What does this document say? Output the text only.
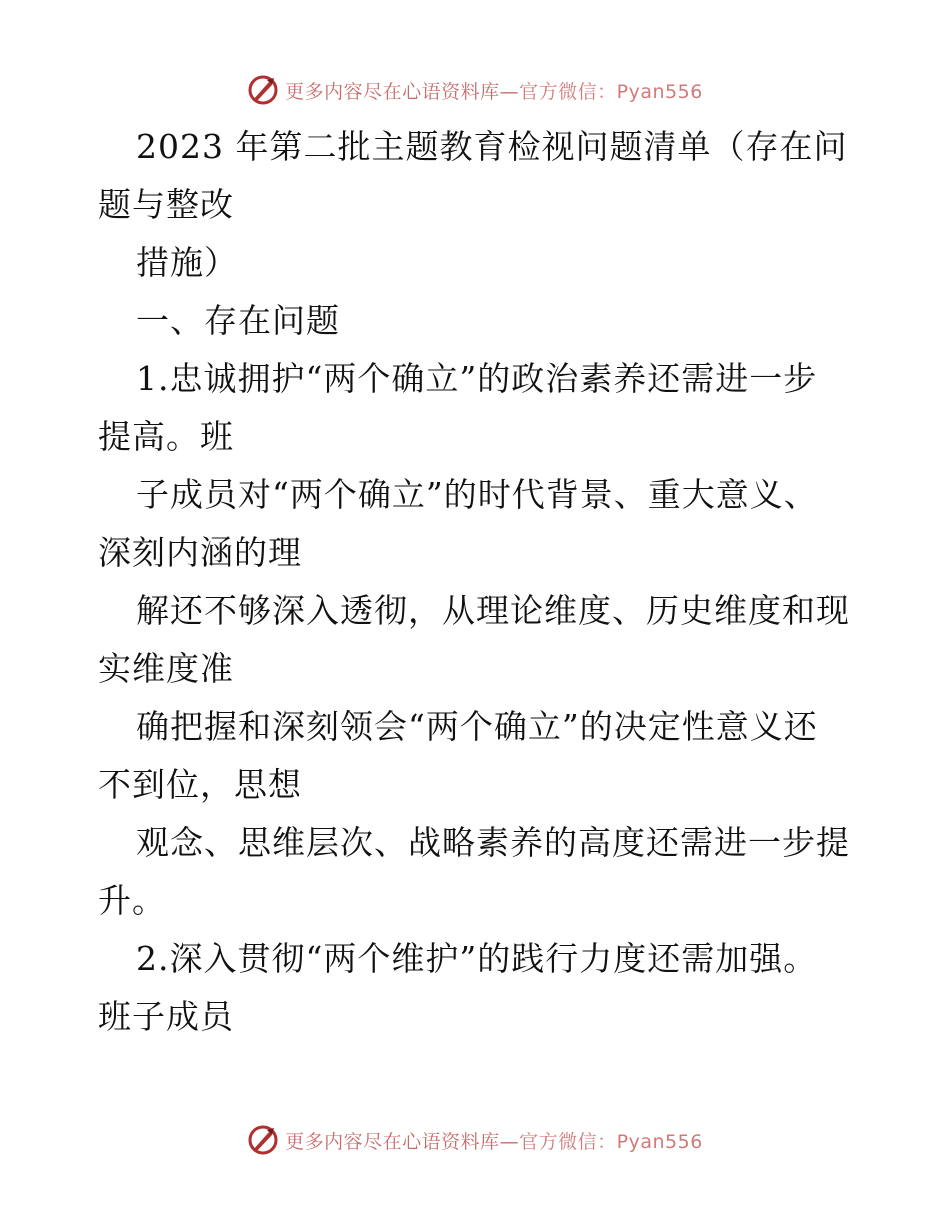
更多内容尽在心语资料库—官方微信：Pyan556
2023 年第二批主题教育检视问题清单（存在问
题与整改
措施）
一、存在问题
1.忠诚拥护“两个确立”的政治素养还需进一步
提高。班
子成员对“两个确立”的时代背景、重大意义、
深刻内涵的理
解还不够深入透彻，从理论维度、历史维度和现
实维度准
确把握和深刻领会“两个确立”的决定性意义还
不到位，思想
观念、思维层次、战略素养的高度还需进一步提
升。
2.深入贯彻“两个维护”的践行力度还需加强。
班子成员
更多内容尽在心语资料库—官方微信：Pyan556
